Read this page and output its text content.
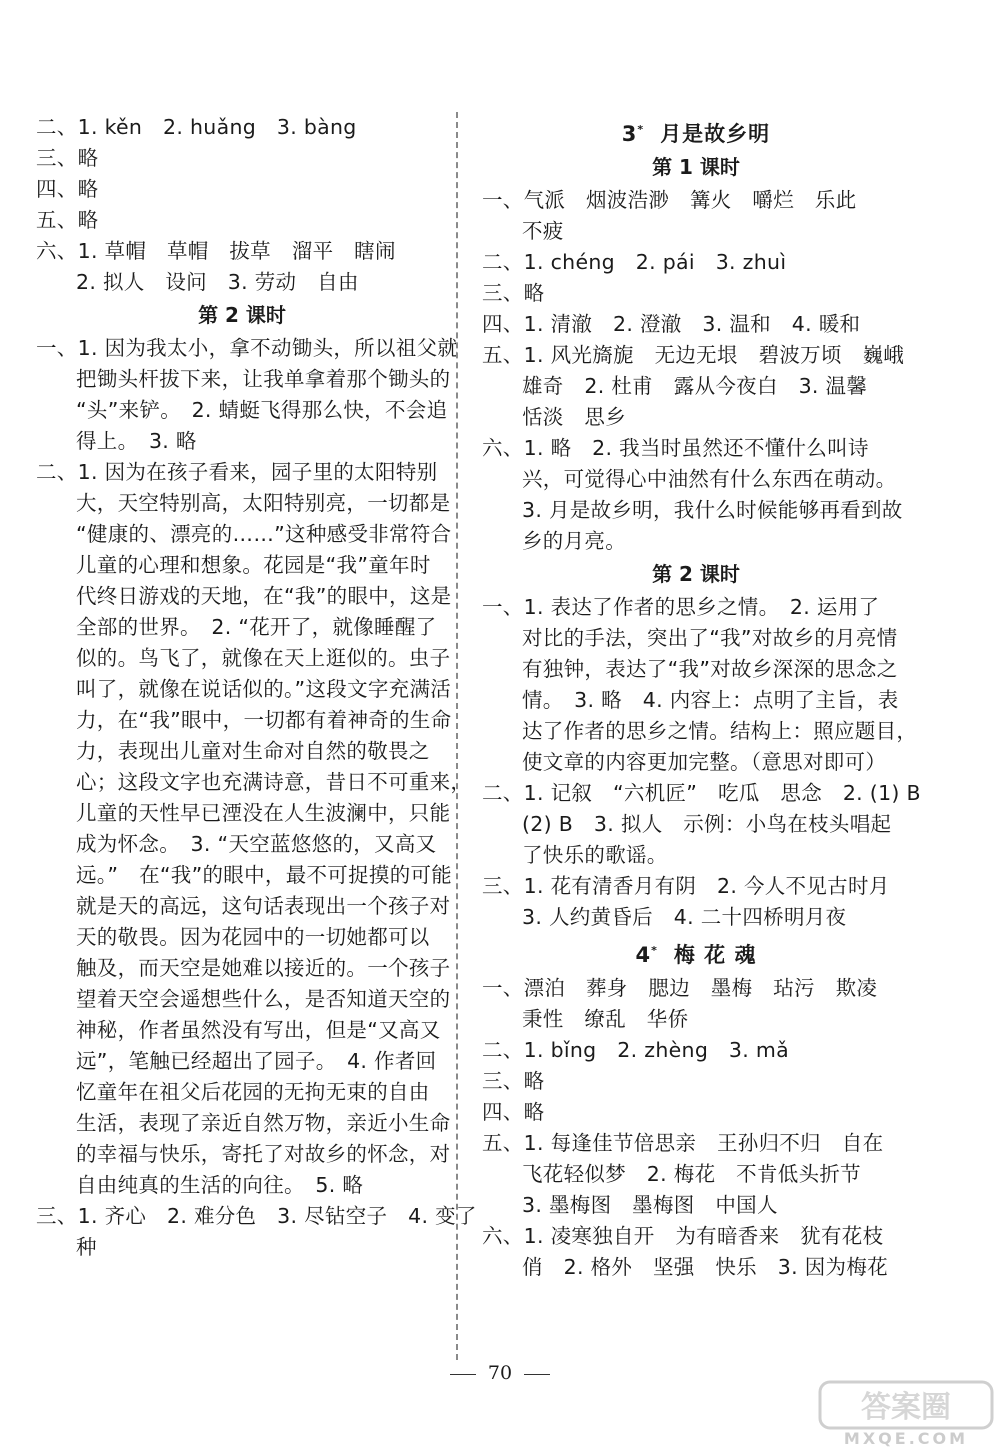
二、1. kěn　2. huǎng　3. bàng
三、略
四、略
五、略
六、1. 草帽　草帽　拔草　溜平　瞎闹
2. 拟人　设问　3. 劳动　自由
第 2 课时
一、1. 因为我太小，拿不动锄头，所以祖父就
把锄头杆拔下来，让我单拿着那个锄头的
“头”来铲。　2. 蜻蜓飞得那么快，不会追
得上。　3. 略
二、1. 因为在孩子看来，园子里的太阳特别
大，天空特别高，太阳特别亮，一切都是
“健康的、漂亮的……”这种感受非常符合
儿童的心理和想象。花园是“我”童年时
代终日游戏的天地，在“我”的眼中，这是
全部的世界。　2. “花开了，就像睡醒了
似的。鸟飞了，就像在天上逛似的。虫子
叫了，就像在说话似的。”这段文字充满活
力，在“我”眼中，一切都有着神奇的生命
力，表现出儿童对生命对自然的敬畏之
心；这段文字也充满诗意，昔日不可重来，
儿童的天性早已湮没在人生波澜中，只能
成为怀念。　3. “天空蓝悠悠的，又高又
远。”　在“我”的眼中，最不可捉摸的可能
就是天的高远，这句话表现出一个孩子对
天的敬畏。因为花园中的一切她都可以
触及，而天空是她难以接近的。一个孩子
望着天空会遥想些什么，是否知道天空的
神秘，作者虽然没有写出，但是“又高又
远”，笔触已经超出了园子。　4. 作者回
忆童年在祖父后花园的无拘无束的自由
生活，表现了亲近自然万物，亲近小生命
的幸福与快乐，寄托了对故乡的怀念，对
自由纯真的生活的向往。　5. 略
三、1. 齐心　2. 难分色　3. 尽钻空子　4. 变了
种
3* 月是故乡明
第 1 课时
一、气派　烟波浩渺　篝火　嚼烂　乐此
不疲
二、1. chéng　2. pái　3. zhuì
三、略
四、1. 清澈　2. 澄澈　3. 温和　4. 暖和
五、1. 风光旖旎　无边无垠　碧波万顷　巍峨
雄奇　2. 杜甫　露从今夜白　3. 温馨
恬淡　思乡
六、1. 略　2. 我当时虽然还不懂什么叫诗
兴，可觉得心中油然有什么东西在萌动。
3. 月是故乡明，我什么时候能够再看到故
乡的月亮。
第 2 课时
一、1. 表达了作者的思乡之情。　2. 运用了
对比的手法，突出了“我”对故乡的月亮情
有独钟，表达了“我”对故乡深深的思念之
情。　3. 略　4. 内容上：点明了主旨，表
达了作者的思乡之情。结构上：照应题目，
使文章的内容更加完整。（意思对即可）
二、1. 记叙　“六机匠”　吃瓜　思念　2. (1) B
(2) B　3. 拟人　示例：小鸟在枝头唱起
了快乐的歌谣。
三、1. 花有清香月有阴　2. 今人不见古时月
3. 人约黄昏后　4. 二十四桥明月夜
4* 梅 花 魂
一、漂泊　葬身　腮边　墨梅　玷污　欺凌
秉性　缭乱　华侨
二、1. bǐng　2. zhèng　3. mǎ
三、略
四、略
五、1. 每逢佳节倍思亲　王孙归不归　自在
飞花轻似梦　2. 梅花　不肯低头折节
3. 墨梅图　墨梅图　中国人
六、1. 凌寒独自开　为有暗香来　犹有花枝
俏　2. 格外　坚强　快乐　3. 因为梅花
70
答案圈
MXQE.COM
